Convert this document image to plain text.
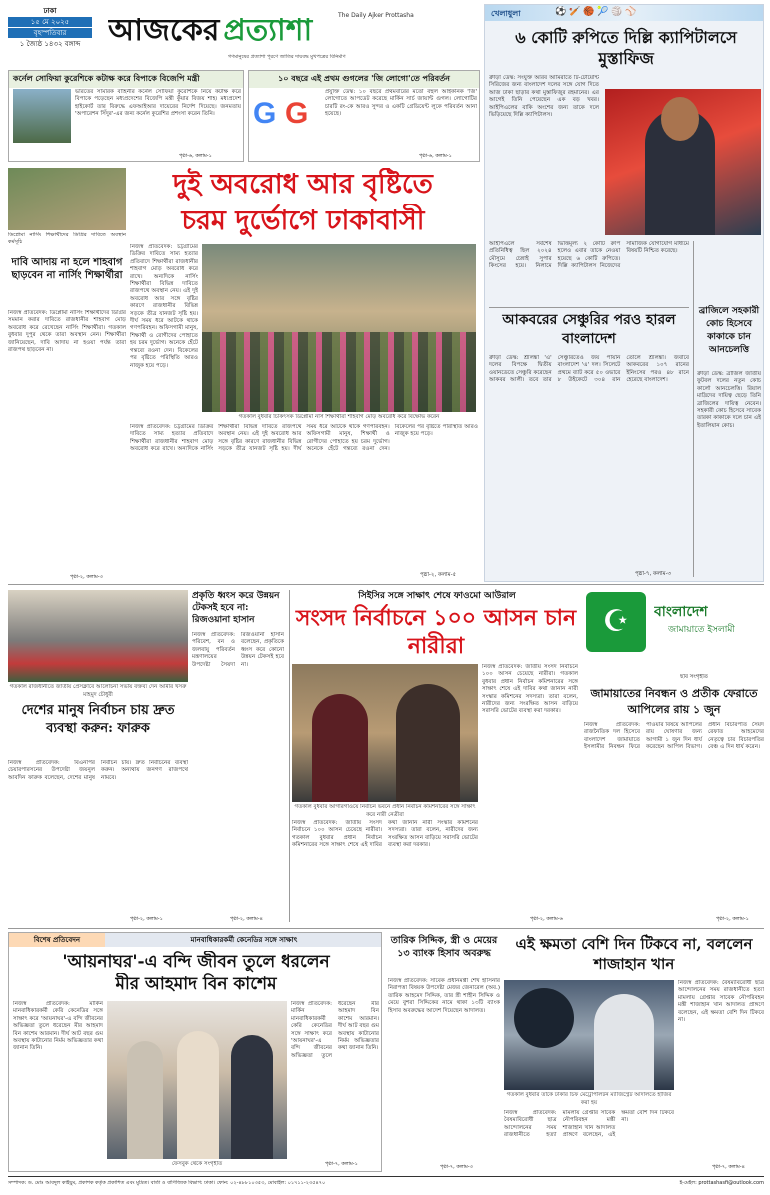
ঢাকা
১৫ মে ২০২৫
বৃহস্পতিবার
১ জ্যৈষ্ঠ ১৪৩২ বঙ্গাব্দ আজকের প্রত্যাশা	The Daily Ajker Prottasha
গণমানুষের প্রত্যাশা পূরণে জাতির দায়বদ্ধ মুখপত্রের বিনির্মাণ
খেলাধুলা	⚽ 🏏 🏀 🎾 🏐 ⚾
৬ কোটি রুপিতে দিল্লি ক্যাপিটালসে মুস্তাফিজ
ক্রীড়া ডেস্ক: সংযুক্ত আরব আমিরাতে টি-টোয়েন্টি সিরিজের জন্য বাংলাদেশ দলের সঙ্গে যোগ দিতে আজ ঢাকা ছাড়ার কথা মুস্তাফিজুর রহমানের। এর আগেই তিনি পেয়েছেন এক বড় খবর। আইপিএলের বাকি অংশের জন্য তাকে দলে ভিড়িয়েছে দিল্লি ক্যাপিটালস।
আইপিএলে সর্বশেষ প্রতিনিধিত্ব ছিল ২০২৪ মৌসুমে চেন্নাই সুপার কিংসের হয়ে। নিলামে ভিত্তিমূল্য ২ কোটি রুপি হলেও এবার তাকে নেওয়া হয়েছে ৬ কোটি রুপিতে। দিল্লি ক্যাপিটালস নিজেদের সামাজিক যোগাযোগ মাধ্যমে বিষয়টি নিশ্চিত করেছে।
আকবরের সেঞ্চুরির পরও হারল বাংলাদেশ
ক্রীড়া ডেস্ক: শ্রীলঙ্কা 'এ' দলের বিপক্ষে দ্বিতীয় ওয়ানডেতে সেঞ্চুরি করেছেন আকবর আলী। তবে তার সেঞ্চুরিতেও জয় পায়নি বাংলাদেশ 'এ' দল। সিলেটে প্রথমে ব্যাট করে ৫০ ওভারে ৮ উইকেটে ৩০৪ রান তোলে শ্রীলঙ্কা। জবাবে আকবরের ১০৭ রানের ইনিংসের পরও ৪৮ রানে হেরেছে বাংলাদেশ।
পৃষ্ঠা-৭, কলাম-৩
ব্রাজিলে সহকারী কোচ হিসেবে কাকাকে চান আনচেলত্তি
ক্রীড়া ডেস্ক: ব্রাজিল জাতীয় ফুটবল দলের নতুন কোচ কার্লো আনচেলত্তি। রিয়াল মাদ্রিদের দায়িত্ব ছেড়ে তিনি ব্রাজিলের দায়িত্ব নেবেন। সহকারী কোচ হিসেবে সাবেক তারকা কাকাকে দলে চান এই ইতালিয়ান কোচ।
কর্নেল সোফিয়া কুরেশিকে কটাক্ষ করে বিপাকে বিজেপি মন্ত্রী
ভারতের সামরিক বাহিনীর কর্নেল সোফিয়া কুরেশিকে নিয়ে কটাক্ষ করে বিপাকে পড়েছেন মধ্যপ্রদেশের বিজেপি মন্ত্রী কুঁয়ার বিজয় শাহ। মধ্যপ্রদেশ হাইকোর্ট তার বিরুদ্ধে এফআইআর দায়েরের নির্দেশ দিয়েছে। জনমতায় 'অপারেশন সিঁদুর'-এর জন্য কর্নেল কুরেশির প্রশংসা করেন তিনি।
পৃষ্ঠা-৬, কলাম-১
১০ বছরে এই প্রথম গুগলের 'জি লোগো'তে পরিবর্তন
G G
প্রযুক্তি ডেস্ক: ১০ বছরে প্রথমবারের মতো বহুল আইকনিক 'জি' লোগোতে আপডেট করেছে মার্কিন সার্চ জায়ান্ট গুগল। লোগোটির চারটি রং-কে আরও সুন্দর ও একটি গ্রেডিয়েন্ট লুকে পরিবর্তন আনা হয়েছে।
পৃষ্ঠা-৬, কলাম-১
দুই অবরোধ আর বৃষ্টিতে
চরম দুর্ভোগে ঢাকাবাসী
নিজস্ব প্রতিবেদক: চট্টগ্রামের ডিক্রির দাবিতে সাম্য হত্যার প্রতিবাদে শিক্ষার্থীরা রাজধানীর শাহবাগ মোড় অবরোধ করে রাখে। অন্যদিকে নার্সিং শিক্ষার্থীরা বিভিন্ন দাবিতে রাজপথে অবস্থান নেয়। এই দুই অবরোধ আর সঙ্গে বৃষ্টির কারণে রাজধানীর বিভিন্ন সড়কে তীব্র যানজট সৃষ্টি হয়। দীর্ঘ সময় ধরে আটকে থাকে গণপরিবহন। অফিসগামী মানুষ, শিক্ষার্থী ও রোগীদের পোহাতে হয় চরম দুর্ভোগ। অনেকে হেঁটে গন্তব্যে রওনা দেন। বিকেলের পর বৃষ্টিতে পরিস্থিতি আরও নাজুক হয়ে পড়ে।
গতকাল বুধবার চিকিৎসক ডিপ্লোমা নার্স শিক্ষার্থীরা শাহবাগ মোড় অবরোধ করে বিক্ষোভ করেন
নিজস্ব প্রতিবেদক: চট্টগ্রামের ডিক্রির দাবিতে সাম্য হত্যার প্রতিবাদে শিক্ষার্থীরা রাজধানীর শাহবাগ মোড় অবরোধ করে রাখে। অন্যদিকে নার্সিং শিক্ষার্থীরা বিভিন্ন দাবিতে রাজপথে অবস্থান নেয়। এই দুই অবরোধ আর সঙ্গে বৃষ্টির কারণে রাজধানীর বিভিন্ন সড়কে তীব্র যানজট সৃষ্টি হয়। দীর্ঘ সময় ধরে আটকে থাকে গণপরিবহন। অফিসগামী মানুষ, শিক্ষার্থী ও রোগীদের পোহাতে হয় চরম দুর্ভোগ। অনেকে হেঁটে গন্তব্যে রওনা দেন। বিকেলের পর বৃষ্টিতে পরিস্থিতি আরও নাজুক হয়ে পড়ে।
পৃষ্ঠা-২, কলাম-৫
ডিপ্লোমা নার্সিং শিক্ষার্থীদের ডিগ্রির দাবিতে অবস্থান কর্মসূচি
দাবি আদায় না হলে শাহবাগ ছাড়বেন না নার্সিং শিক্ষার্থীরা
নিজস্ব প্রতিবেদক: ডিপ্লোমা নার্সিং শিক্ষার্থীদের ডিগ্রির সমমান করার দাবিতে রাজধানীর শাহবাগ মোড় অবরোধ করে রেখেছেন নার্সিং শিক্ষার্থীরা। গতকাল বুধবার দুপুর থেকে তারা অবস্থান নেন। শিক্ষার্থীরা জানিয়েছেন, দাবি আদায় না হওয়া পর্যন্ত তারা রাজপথ ছাড়বেন না।
পৃষ্ঠা-২, কলাম-৩
গতকাল রাজধানীতে জাতীয় প্রেসক্লাবে আলোচনা সভায় বক্তব্য দেন আমীর খসরু মাহমুদ চৌধুরী
দেশের মানুষ নির্বাচন চায় দ্রুত ব্যবস্থা করুন: ফারুক
নিজস্ব প্রতিবেদক: বিএনপির চেয়ারপারসনের উপদেষ্টা জয়নুল আবদিন ফারুক বলেছেন, দেশের মানুষ নির্বাচন চায়। দ্রুত নির্বাচনের ব্যবস্থা করুন। অন্যথায় জনগণ রাজপথে নামবে।
পৃষ্ঠা-২, কলাম-১
প্রকৃতি ধ্বংস করে উন্নয়ন টেকসই হবে না: রিজওয়ানা হাসান
নিজস্ব প্রতিবেদক: পরিবেশ, বন ও জলবায়ু পরিবর্তন মন্ত্রণালয়ের উপদেষ্টা সৈয়দা রিজওয়ানা হাসান বলেছেন, প্রকৃতিকে ধ্বংস করে কোনো উন্নয়ন টেকসই হবে না।
পৃষ্ঠা-২, কলাম-৪
সিইসির সঙ্গে সাক্ষাৎ শেষে ফাওমো আউরাল
সংসদ নির্বাচনে ১০০ আসন চান নারীরা
গতকাল বুধবার আগারগাঁওয়ে নির্বাচন ভবনে প্রধান নির্বাচন কমিশনারের সঙ্গে সাক্ষাৎ করে নারী নেত্রীরা
নিজস্ব প্রতিবেদক: জাতীয় সংসদ নির্বাচনে ১০০ আসন চেয়েছে নারীরা। গতকাল বুধবার প্রধান নির্বাচন কমিশনারের সঙ্গে সাক্ষাৎ শেষে এই দাবির কথা জানান নারী সংস্কার কমিশনের সদস্যরা। তারা বলেন, নারীদের জন্য সংরক্ষিত আসন বাড়িয়ে সরাসরি ভোটের ব্যবস্থা করা দরকার।
নিজস্ব প্রতিবেদক: জাতীয় সংসদ নির্বাচনে ১০০ আসন চেয়েছে নারীরা। গতকাল বুধবার প্রধান নির্বাচন কমিশনারের সঙ্গে সাক্ষাৎ শেষে এই দাবির কথা জানান নারী সংস্কার কমিশনের সদস্যরা। তারা বলেন, নারীদের জন্য সংরক্ষিত আসন বাড়িয়ে সরাসরি ভোটের ব্যবস্থা করা দরকার।
পৃষ্ঠা-২, কলাম-৬
☪	বাংলাদেশ
জামায়াতে ইসলামী
ছবি সংগৃহীত
জামায়াতের নিবন্ধন ও প্রতীক ফেরাতে আপিলের রায় ১ জুন
নিজস্ব প্রতিবেদক: রাজনৈতিক দল হিসেবে বাংলাদেশ জামায়াতে ইসলামীর নিবন্ধন ফিরে পাওয়ার বিষয়ে আপিলের রায় ঘোষণার জন্য আগামী ১ জুন দিন ধার্য করেছেন আপিল বিভাগ। প্রধান বিচারপতি সৈয়দ রেফাত আহমেদের নেতৃত্বে চার বিচারপতির বেঞ্চ এ দিন ধার্য করেন।
পৃষ্ঠা-২, কলাম-১
বিশেষ প্রতিবেদন	মানবাধিকারকর্মী কেনেডির সঙ্গে সাক্ষাৎ
'আয়নাঘর'-এ বন্দি জীবন তুলে ধরলেন
মীর আহমাদ বিন কাশেম
নিজস্ব প্রতিবেদক: মার্কিন মানবাধিকারকর্মী কেরি কেনেডির সঙ্গে সাক্ষাৎ করে 'আয়নাঘর'-এ বন্দি জীবনের অভিজ্ঞতা তুলে ধরেছেন মীর আহমাদ বিন কাশেম আরমান। দীর্ঘ আট বছর গুম অবস্থায় কাটানোর নির্মম অভিজ্ঞতার কথা জানান তিনি।
ফেসবুক থেকে সংগৃহীত
নিজস্ব প্রতিবেদক: মার্কিন মানবাধিকারকর্মী কেরি কেনেডির সঙ্গে সাক্ষাৎ করে 'আয়নাঘর'-এ বন্দি জীবনের অভিজ্ঞতা তুলে ধরেছেন মীর আহমাদ বিন কাশেম আরমান। দীর্ঘ আট বছর গুম অবস্থায় কাটানোর নির্মম অভিজ্ঞতার কথা জানান তিনি।
পৃষ্ঠা-৭, কলাম-১
তারিক সিদ্দিক, স্ত্রী ও মেয়ের ১৩ ব্যাংক হিসাব অবরুদ্ধ
নিজস্ব প্রতিবেদক: সাবেক প্রধানমন্ত্রী শেখ হাসিনার নিরাপত্তা বিষয়ক উপদেষ্টা মেজর জেনারেল (অব.) তারিক আহমেদ সিদ্দিক, তার স্ত্রী শাহীন সিদ্দিক ও মেয়ে বুশরা সিদ্দিকের নামে থাকা ১৩টি ব্যাংক হিসাব অবরুদ্ধের আদেশ দিয়েছেন আদালত।
পৃষ্ঠা-৭, কলাম-৩
এই ক্ষমতা বেশি দিন টিকবে না, বললেন শাজাহান খান
গতকাল বুধবার তাকে ঢাকার চিফ মেট্রোপলিটন ম্যাজিস্ট্রেট আদালতে হাজির করা হয়
নিজস্ব প্রতিবেদক: বৈষম্যবিরোধী ছাত্র আন্দোলনের সময় রাজধানীতে হত্যা মামলায় গ্রেপ্তার সাবেক নৌপরিবহন মন্ত্রী শাজাহান খান আদালত প্রাঙ্গণে বলেছেন, এই ক্ষমতা বেশি দিন টিকবে না।
নিজস্ব প্রতিবেদক: বৈষম্যবিরোধী ছাত্র আন্দোলনের সময় রাজধানীতে হত্যা মামলায় গ্রেপ্তার সাবেক নৌপরিবহন মন্ত্রী শাজাহান খান আদালত প্রাঙ্গণে বলেছেন, এই ক্ষমতা বেশি দিন টিকবে না।
পৃষ্ঠা-৭, কলাম-৪
সম্পাদক: ড. মোঃ আবদুল কাইয়ুম, প্রকাশক কর্তৃক প্রকাশিত এবং মুদ্রিত। বার্তা ও বাণিজ্যিক বিভাগ: ঢাকা। ফোন: ০২-৪৮৮১০৩৫৩, মোবাইল: ০১৭১১-২৩৫৪৭০	ই-মেইল: prottashasfi@outlook.com
